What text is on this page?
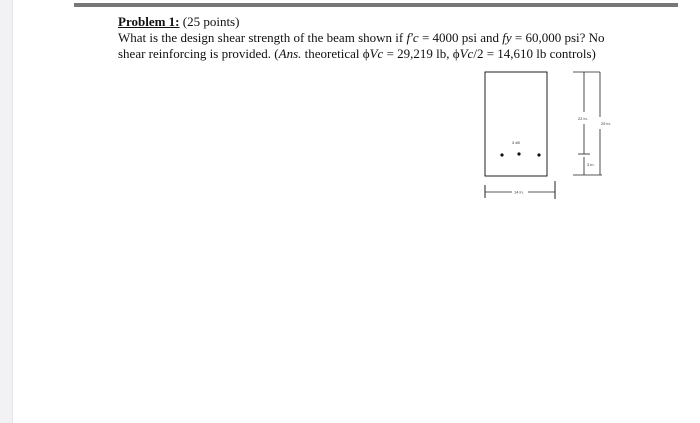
Problem 1: (25 points)
What is the design shear strength of the beam shown if f′c = 4000 psi and fy = 60,000 psi? No
shear reinforcing is provided. (Ans. theoretical ϕVc = 29,219 lb, ϕVc/2 = 14,610 lb controls)
3 #8
14 in.
22 in.
25 in.
3 in.
